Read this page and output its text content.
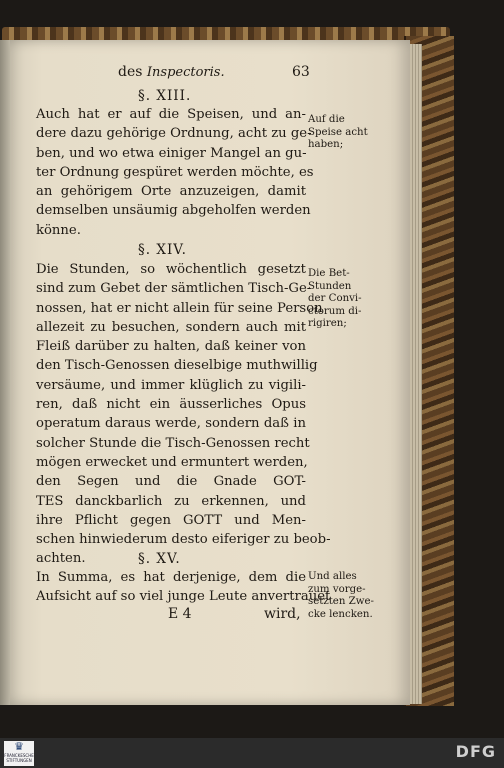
des Inspectoris.	63
§. XIII.
Auch hat er auf die Speisen, und an-
dere dazu gehörige Ordnung, acht zu ge-
ben, und wo etwa einiger Mangel an gu-
ter Ordnung gespüret werden möchte, es
an gehörigem Orte anzuzeigen, damit
demselben unsäumig abgeholfen werden
könne.
Auf die
Speise acht
haben;
§. XIV.
Die Stunden, so wöchentlich gesetzt
sind zum Gebet der sämtlichen Tisch-Ge-
nossen, hat er nicht allein für seine Person
allezeit zu besuchen, sondern auch mit
Fleiß darüber zu halten, daß keiner von
den Tisch-Genossen dieselbige muthwillig
versäume, und immer klüglich zu vigili-
ren, daß nicht ein äusserliches Opus
operatum daraus werde, sondern daß in
solcher Stunde die Tisch-Genossen recht
mögen erwecket und ermuntert werden,
den Segen und die Gnade GOT-
TES danckbarlich zu erkennen, und
ihre Pflicht gegen GOTT und Men-
schen hinwiederum desto eiferiger zu beob-
achten.
Die Bet-
Stunden
der Convi-
ctorum di-
rigiren;
§. XV.
In Summa, es hat derjenige, dem die
Aufsicht auf so viel junge Leute anvertrauet
Und alles
zum vorge-
setzten Zwe-
cke lencken.
E 4	wird,
♛
FRANCKESCHE STIFTUNGEN	DFG
